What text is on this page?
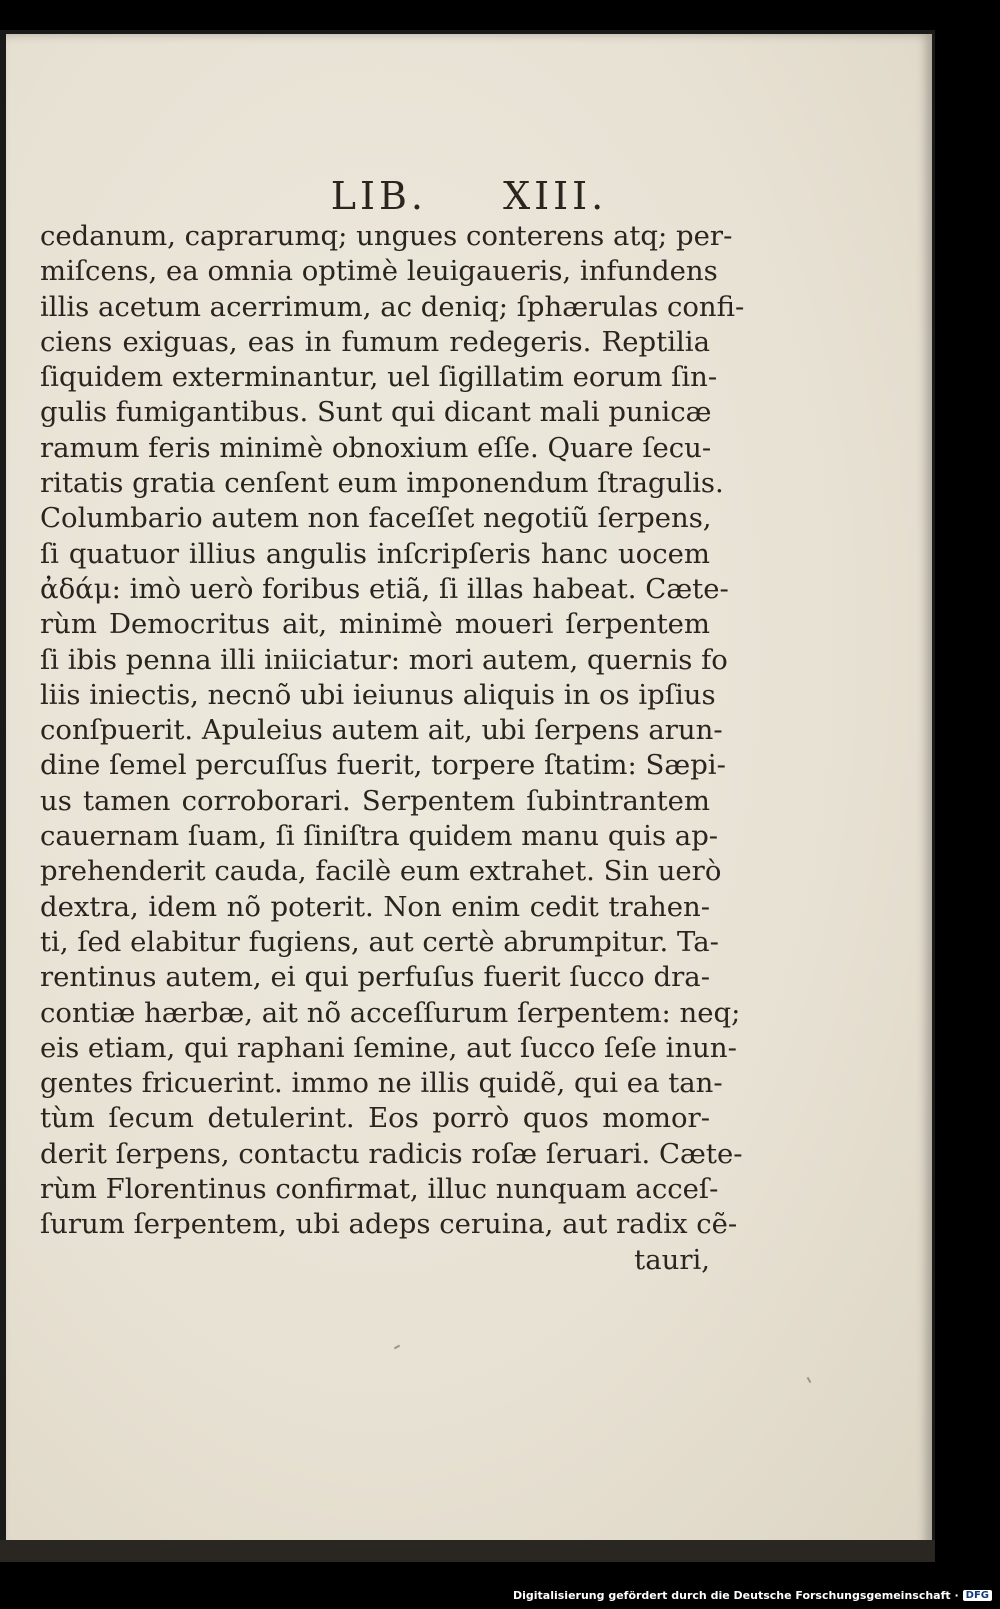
LIB. XIII.
cedanum, caprarumq; ungues conterens atq; per-
miſcens, ea omnia optimè leuigaueris, infundens
illis acetum acerrimum, ac deniq; ſphærulas confi-
ciens exiguas, eas in fumum redegeris. Reptilia
ſiquidem exterminantur, uel ſigillatim eorum ſin-
gulis fumigantibus. Sunt qui dicant mali punicæ
ramum feris minimè obnoxium eſſe. Quare ſecu-
ritatis gratia cenſent eum imponendum ſtragulis.
Columbario autem non faceſſet negotiũ ſerpens,
ſi quatuor illius angulis inſcripſeris hanc uocem
ἀδάμ: imò uerò foribus etiã, ſi illas habeat. Cæte-
rùm Democritus ait, minimè moueri ſerpentem
ſi ibis penna illi iniiciatur: mori autem, quernis fo
liis iniectis, necnõ ubi ieiunus aliquis in os ipſius
conſpuerit. Apuleius autem ait, ubi ſerpens arun-
dine ſemel percuſſus fuerit, torpere ſtatim: Sæpi-
us tamen corroborari. Serpentem ſubintrantem
cauernam ſuam, ſi ſiniſtra quidem manu quis ap-
prehenderit cauda, facilè eum extrahet. Sin uerò
dextra, idem nõ poterit. Non enim cedit trahen-
ti, ſed elabitur fugiens, aut certè abrumpitur. Ta-
rentinus autem, ei qui perfuſus fuerit ſucco dra-
contiæ hærbæ, ait nõ acceſſurum ſerpentem: neq;
eis etiam, qui raphani ſemine, aut ſucco ſeſe inun-
gentes fricuerint. immo ne illis quidẽ, qui ea tan-
tùm ſecum detulerint. Eos porrò quos momor-
derit ſerpens, contactu radicis roſæ ſeruari. Cæte-
rùm Florentinus confirmat, illuc nunquam acceſ-
ſurum ſerpentem, ubi adeps ceruina, aut radix cẽ-
tauri,
Digitalisierung gefördert durch die Deutsche Forschungsgemeinschaft · DFG
